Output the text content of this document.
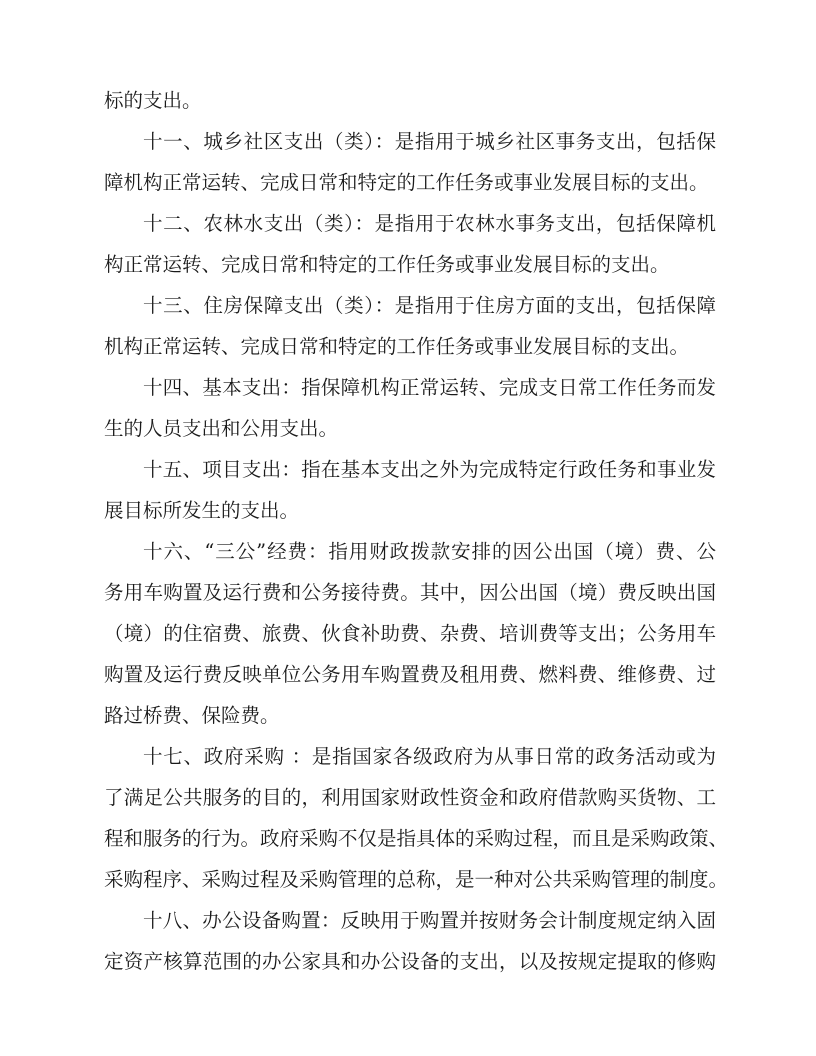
标的支出。
十一、城乡社区支出（类）：是指用于城乡社区事务支出，包括保
障机构正常运转、完成日常和特定的工作任务或事业发展目标的支出。
十二、农林水支出（类）：是指用于农林水事务支出，包括保障机
构正常运转、完成日常和特定的工作任务或事业发展目标的支出。
十三、住房保障支出（类）：是指用于住房方面的支出，包括保障
机构正常运转、完成日常和特定的工作任务或事业发展目标的支出。
十四、基本支出：指保障机构正常运转、完成支日常工作任务而发
生的人员支出和公用支出。
十五、项目支出：指在基本支出之外为完成特定行政任务和事业发
展目标所发生的支出。
十六、“三公”经费：指用财政拨款安排的因公出国（境）费、公
务用车购置及运行费和公务接待费。其中，因公出国（境）费反映出国
（境）的住宿费、旅费、伙食补助费、杂费、培训费等支出；公务用车
购置及运行费反映单位公务用车购置费及租用费、燃料费、维修费、过
路过桥费、保险费。
十七、政府采购 ：是指国家各级政府为从事日常的政务活动或为
了满足公共服务的目的，利用国家财政性资金和政府借款购买货物、工
程和服务的行为。政府采购不仅是指具体的采购过程，而且是采购政策、
采购程序、采购过程及采购管理的总称，是一种对公共采购管理的制度。
十八、办公设备购置：反映用于购置并按财务会计制度规定纳入固
定资产核算范围的办公家具和办公设备的支出，以及按规定提取的修购
